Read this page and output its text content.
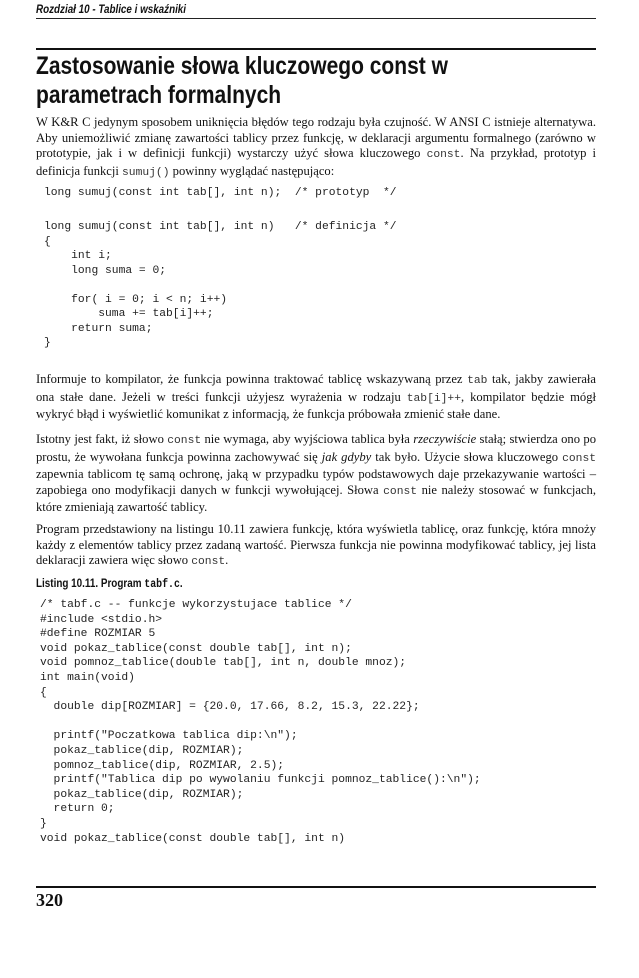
Rozdział 10 - Tablice i wskaźniki
Zastosowanie słowa kluczowego const w parametrach formalnych

W K&R C jedynym sposobem uniknięcia błędów tego rodzaju była czujność. W ANSI C istnieje alternatywa. Aby uniemożliwić zmianę zawartości tablicy przez funkcję, w deklaracji argumentu formalnego (zarówno w prototypie, jak i w definicji funkcji) wystarczy użyć słowa kluczowego const. Na przykład, prototyp i definicja funkcji sumuj() powinny wyglądać następująco:

long sumuj(const int tab[], int n);  /* prototyp  */
long sumuj(const int tab[], int n)   /* definicja */
{
int i;
long suma = 0;

for( i = 0; i < n; i++)
suma += tab[i]++;
return suma;
}

Informuje to kompilator, że funkcja powinna traktować tablicę wskazywaną przez tab tak, jakby zawierała ona stałe dane. Jeżeli w treści funkcji użyjesz wyrażenia w rodzaju tab[i]++, kompilator będzie mógł wykryć błąd i wyświetlić komunikat z informacją, że funkcja próbowała zmienić stałe dane.

Istotny jest fakt, iż słowo const nie wymaga, aby wyjściowa tablica była rzeczywiście stałą; stwierdza ono po prostu, że wywołana funkcja powinna zachowywać się jak gdyby tak było. Użycie słowa kluczowego const zapewnia tablicom tę samą ochronę, jaką w przypadku typów podstawowych daje przekazywanie wartości – zapobiega ono modyfikacji danych w funkcji wywołującej. Słowa const nie należy stosować w funkcjach, które zmieniają zawartość tablicy.

Program przedstawiony na listingu 10.11 zawiera funkcję, która wyświetla tablicę, oraz funkcję, która mnoży każdy z elementów tablicy przez zadaną wartość. Pierwsza funkcja nie powinna modyfikować tablicy, jej lista deklaracji zawiera więc słowo const.

Listing 10.11. Program tabf.c.

/* tabf.c -- funkcje wykorzystujace tablice */
#include <stdio.h>
#define ROZMIAR 5
void pokaz_tablice(const double tab[], int n);
void pomnoz_tablice(double tab[], int n, double mnoz);
int main(void)
{
double dip[ROZMIAR] = {20.0, 17.66, 8.2, 15.3, 22.22};

printf("Poczatkowa tablica dip:\n");
pokaz_tablice(dip, ROZMIAR);
pomnoz_tablice(dip, ROZMIAR, 2.5);
printf("Tablica dip po wywolaniu funkcji pomnoz_tablice():\n");
pokaz_tablice(dip, ROZMIAR);
return 0;
}
void pokaz_tablice(const double tab[], int n)

320
